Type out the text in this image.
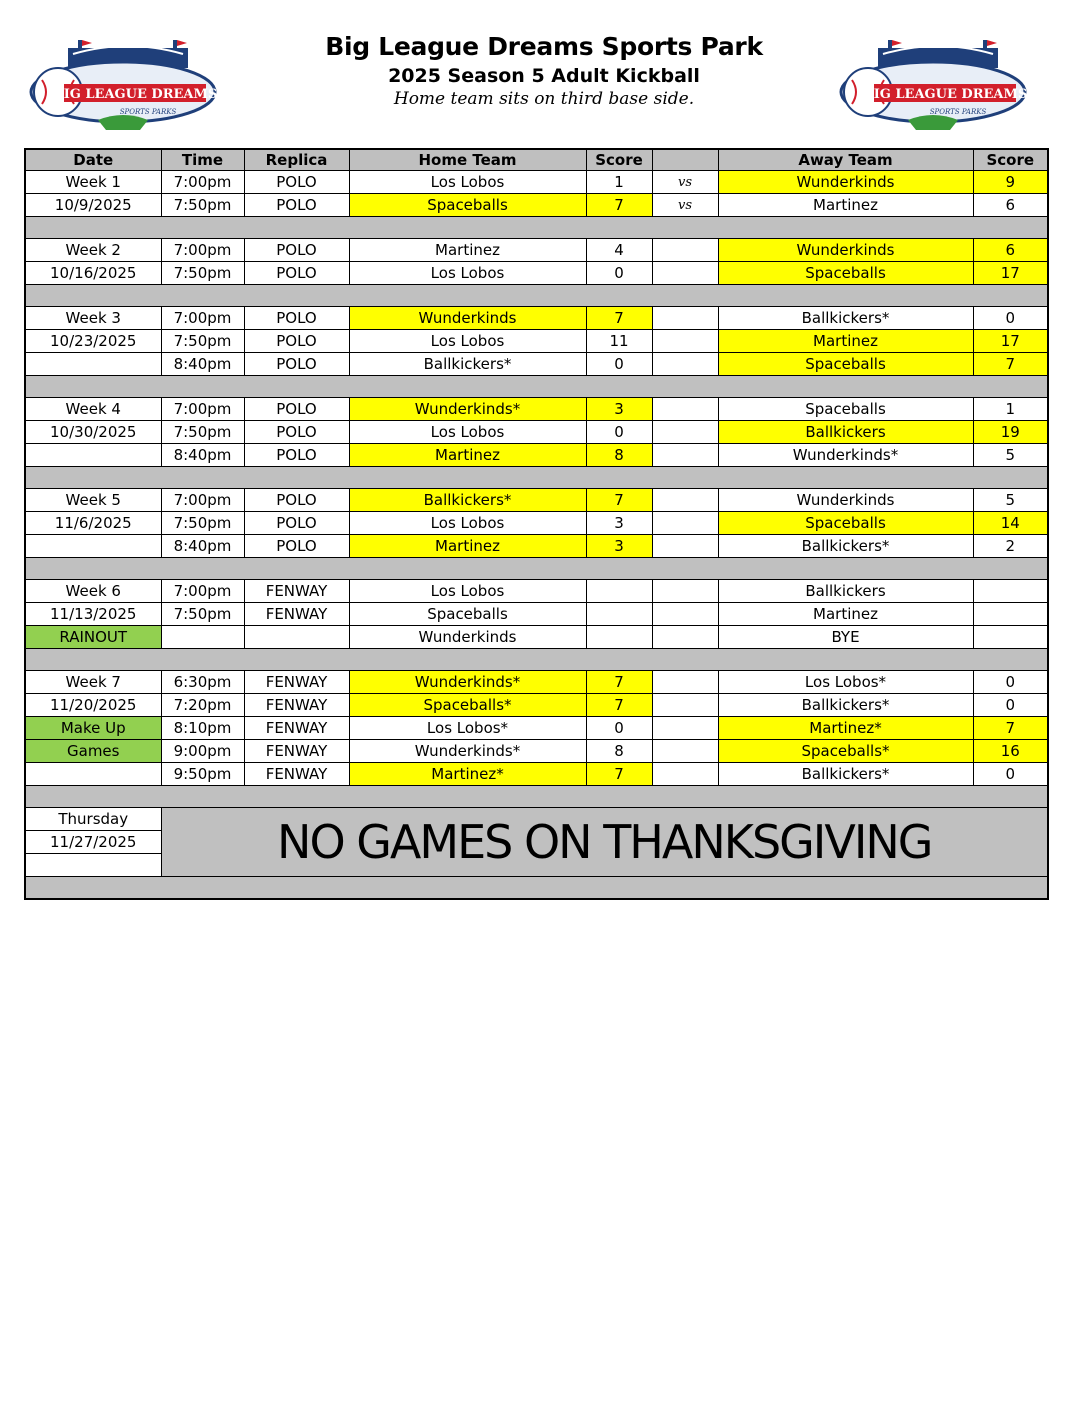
Big League Dreams Sports Park
2025 Season 5 Adult Kickball
Home team sits on third base side.
BIG LEAGUE DREAMS
SPORTS PARKS
BIG LEAGUE DREAMS
SPORTS PARKS
Date	Time	Replica	Home Team	Score		Away Team	Score
Week 1	7:00pm	POLO	Los Lobos	1	vs	Wunderkinds	9
10/9/2025	7:50pm	POLO	Spaceballs	7	vs	Martinez	6

Week 2	7:00pm	POLO	Martinez	4		Wunderkinds	6
10/16/2025	7:50pm	POLO	Los Lobos	0		Spaceballs	17

Week 3	7:00pm	POLO	Wunderkinds	7		Ballkickers*	0
10/23/2025	7:50pm	POLO	Los Lobos	11		Martinez	17
	8:40pm	POLO	Ballkickers*	0		Spaceballs	7

Week 4	7:00pm	POLO	Wunderkinds*	3		Spaceballs	1
10/30/2025	7:50pm	POLO	Los Lobos	0		Ballkickers	19
	8:40pm	POLO	Martinez	8		Wunderkinds*	5

Week 5	7:00pm	POLO	Ballkickers*	7		Wunderkinds	5
11/6/2025	7:50pm	POLO	Los Lobos	3		Spaceballs	14
	8:40pm	POLO	Martinez	3		Ballkickers*	2

Week 6	7:00pm	FENWAY	Los Lobos			Ballkickers	
11/13/2025	7:50pm	FENWAY	Spaceballs			Martinez	
RAINOUT			Wunderkinds			BYE	

Week 7	6:30pm	FENWAY	Wunderkinds*	7		Los Lobos*	0
11/20/2025	7:20pm	FENWAY	Spaceballs*	7		Ballkickers*	0
Make Up	8:10pm	FENWAY	Los Lobos*	0		Martinez*	7
Games	9:00pm	FENWAY	Wunderkinds*	8		Spaceballs*	16
	9:50pm	FENWAY	Martinez*	7		Ballkickers*	0

Thursday	NO GAMES ON THANKSGIVING						
11/27/2025							
